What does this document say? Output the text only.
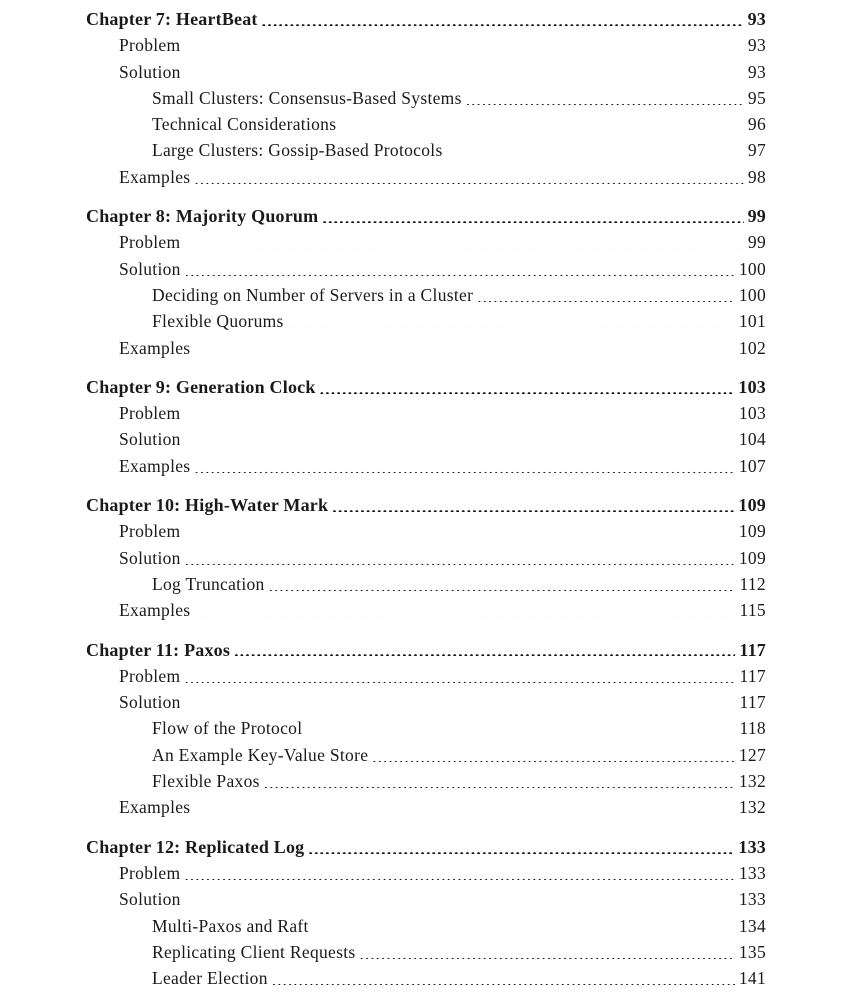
Chapter 7: HeartBeat . . .	93
Problem . . .	93
Solution . . .	93
Small Clusters: Consensus-Based Systems . . .	95
Technical Considerations . . .	96
Large Clusters: Gossip-Based Protocols . . .	97
Examples . . .	98
Chapter 8: Majority Quorum . . .	99
Problem . . .	99
Solution . . .	100
Deciding on Number of Servers in a Cluster . . .	100
Flexible Quorums . . .	101
Examples . . .	102
Chapter 9: Generation Clock . . .	103
Problem . . .	103
Solution . . .	104
Examples . . .	107
Chapter 10: High-Water Mark . . .	109
Problem . . .	109
Solution . . .	109
Log Truncation . . .	112
Examples . . .	115
Chapter 11: Paxos . . .	117
Problem . . .	117
Solution . . .	117
Flow of the Protocol . . .	118
An Example Key-Value Store . . .	127
Flexible Paxos . . .	132
Examples . . .	132
Chapter 12: Replicated Log . . .	133
Problem . . .	133
Solution . . .	133
Multi-Paxos and Raft . . .	134
Replicating Client Requests . . .	135
Leader Election . . .	141
